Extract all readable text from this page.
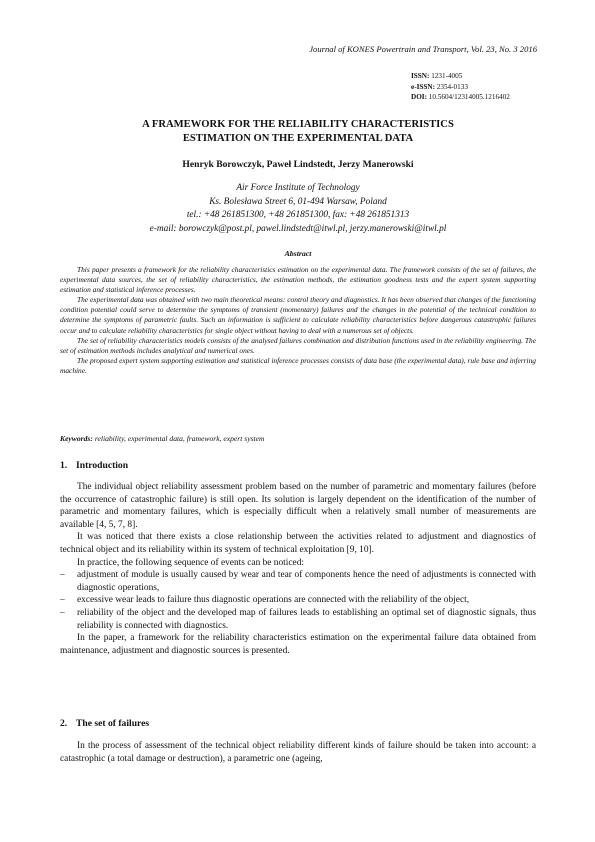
Journal of KONES Powertrain and Transport, Vol. 23, No. 3 2016
ISSN: 1231-4005
e-ISSN: 2354-0133
DOI: 10.5604/12314005.1216402
A FRAMEWORK FOR THE RELIABILITY CHARACTERISTICS
ESTIMATION ON THE EXPERIMENTAL DATA

Henryk Borowczyk, Paweł Lindstedt, Jerzy Manerowski

Air Force Institute of Technology
Ks. Bolesława Street 6, 01-494 Warsaw, Poland
tel.: +48 261851300, +48 261851300, fax: +48 261851313
e-mail: borowczyk@post.pl, pawel.lindstedt@itwl.pl, jerzy.manerowski@itwl.pl
Abstract

This paper presents a framework for the reliability characteristics estimation on the experimental data. The framework consists of the set of failures, the experimental data sources, the set of reliability characteristics, the estimation methods, the estimation goodness tests and the expert system supporting estimation and statistical inference processes.

The experimental data was obtained with two main theoretical means: control theory and diagnostics. It has been observed that changes of the functioning condition potential could serve to determine the symptoms of transient (momentary) failures and the changes in the potential of the technical condition to determine the symptoms of parametric faults. Such an information is sufficient to calculate reliability characteristics before dangerous catastrophic failures occur and to calculate reliability characteristics for single object without having to deal with a numerous set of objects.

The set of reliability characteristics models consists of the analysed failures combination and distribution functions used in the reliability engineering. The set of estimation methods includes analytical and numerical ones.

The proposed expert system supporting estimation and statistical inference processes consists of data base (the experimental data), rule base and inferring machine.

Keywords: reliability, experimental data, framework, expert system
1. Introduction

The individual object reliability assessment problem based on the number of parametric and momentary failures (before the occurrence of catastrophic failure) is still open. Its solution is largely dependent on the identification of the number of parametric and momentary failures, which is especially difficult when a relatively small number of measurements are available [4, 5, 7, 8].

It was noticed that there exists a close relationship between the activities related to adjustment and diagnostics of technical object and its reliability within its system of technical exploitation [9, 10].

In practice, the following sequence of events can be noticed:

– adjustment of module is usually caused by wear and tear of components hence the need of adjustments is connected with diagnostic operations,
– excessive wear leads to failure thus diagnostic operations are connected with the reliability of the object,
– reliability of the object and the developed map of failures leads to establishing an optimal set of diagnostic signals, thus reliability is connected with diagnostics.

In the paper, a framework for the reliability characteristics estimation on the experimental failure data obtained from maintenance, adjustment and diagnostic sources is presented.

2. The set of failures

In the process of assessment of the technical object reliability different kinds of failure should be taken into account: a catastrophic (a total damage or destruction), a parametric one (ageing,
